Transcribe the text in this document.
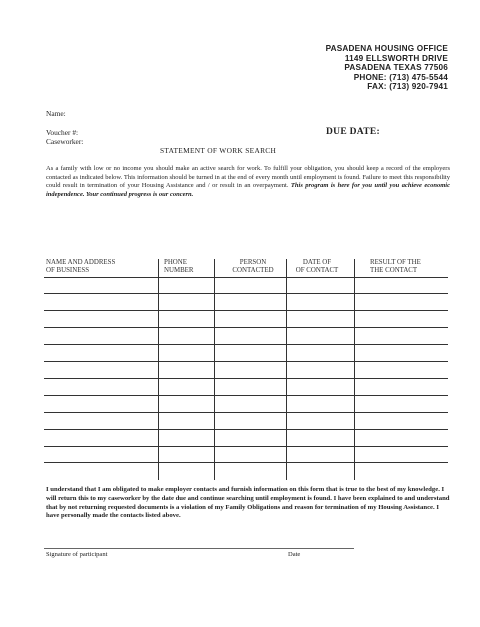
PASADENA HOUSING OFFICE
1149 ELLSWORTH DRIVE
PASADENA TEXAS 77506
PHONE: (713) 475-5544
FAX: (713) 920-7941
Name:
Voucher #:
Caseworker:
DUE DATE:
STATEMENT OF WORK SEARCH
As a family with low or no income you should make an active search for work. To fulfill your obligation, you should keep a record of the employers contacted as indicated below. This information should be turned in at the end of every month until employment is found. Failure to meet this responsibility could result in termination of your Housing Assistance and / or result in an overpayment. This program is here for you until you achieve economic independence. Your continued progress is our concern.
NAME AND ADDRESS
OF BUSINESS
PHONE
NUMBER
PERSON
CONTACTED
DATE OF
OF CONTACT
RESULT OF THE
THE CONTACT
I understand that I am obligated to make employer contacts and furnish information on this form that is true to the best of my knowledge. I will return this to my caseworker by the date due and continue searching until employment is found. I have been explained to and understand that by not returning requested documents is a violation of my Family Obligations and reason for termination of my Housing Assistance. I have personally made the contacts listed above.
Signature of participant	Date
